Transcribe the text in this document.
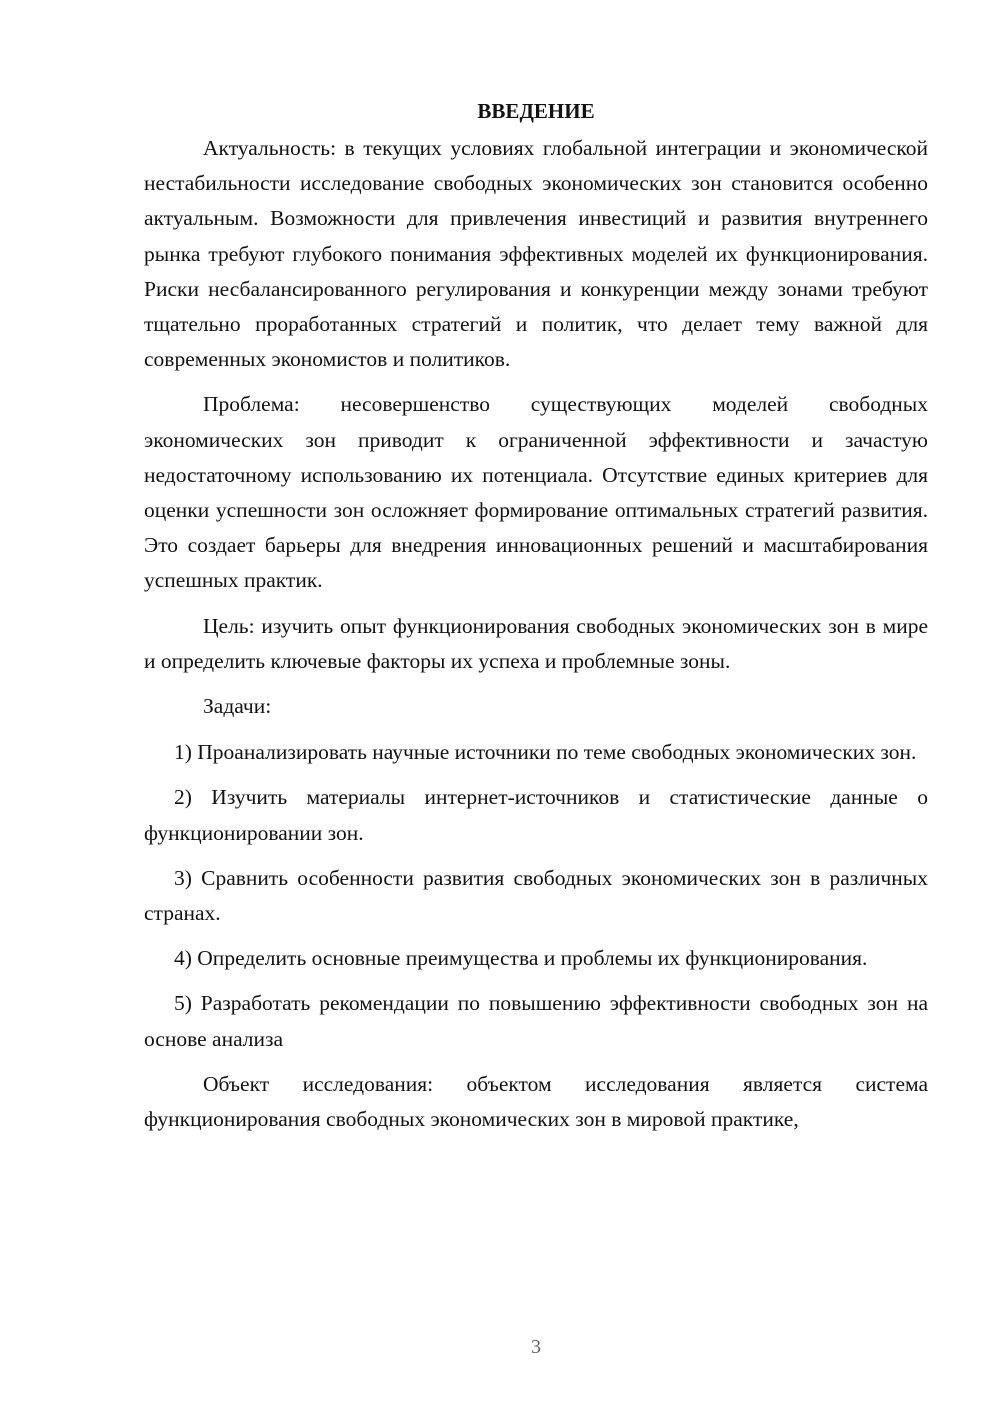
ВВЕДЕНИЕ

Актуальность: в текущих условиях глобальной интеграции и экономической нестабильности исследование свободных экономических зон становится особенно актуальным. Возможности для привлечения инвестиций и развития внутреннего рынка требуют глубокого понимания эффективных моделей их функционирования. Риски несбалансированного регулирования и конкуренции между зонами требуют тщательно проработанных стратегий и политик, что делает тему важной для современных экономистов и политиков.

Проблема: несовершенство существующих моделей свободных экономических зон приводит к ограниченной эффективности и зачастую недостаточному использованию их потенциала. Отсутствие единых критериев для оценки успешности зон осложняет формирование оптимальных стратегий развития. Это создает барьеры для внедрения инновационных решений и масштабирования успешных практик.

Цель: изучить опыт функционирования свободных экономических зон в мире и определить ключевые факторы их успеха и проблемные зоны.

Задачи:

1) Проанализировать научные источники по теме свободных экономических зон.

2) Изучить материалы интернет-источников и статистические данные о функционировании зон.

3) Сравнить особенности развития свободных экономических зон в различных странах.

4) Определить основные преимущества и проблемы их функционирования.

5) Разработать рекомендации по повышению эффективности свободных зон на основе анализа

Объект исследования: объектом исследования является система функционирования свободных экономических зон в мировой практике,

3
